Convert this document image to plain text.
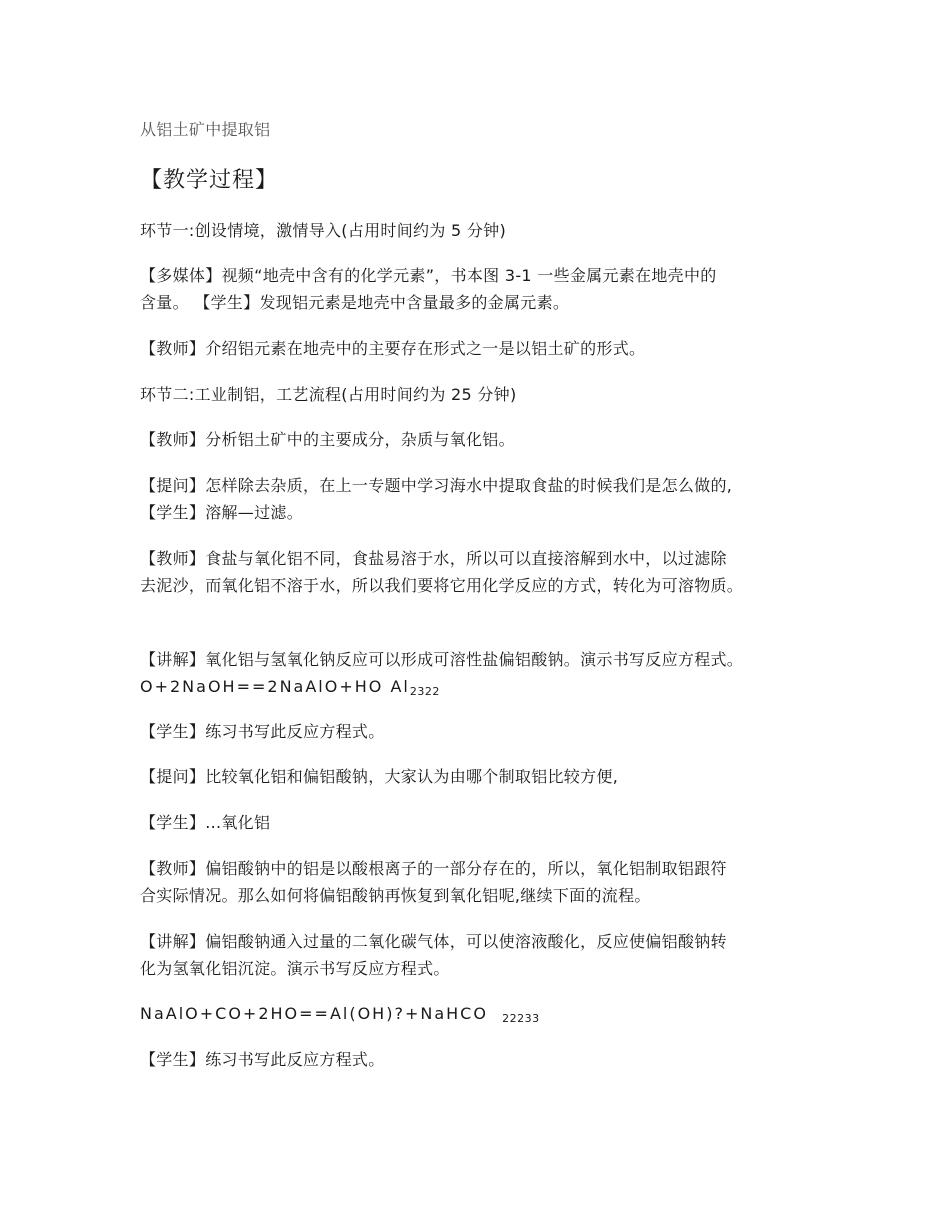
从铝土矿中提取铝
【教学过程】
环节一:创设情境，激情导入(占用时间约为 5 分钟)
【多媒体】视频“地壳中含有的化学元素”，书本图 3-1 一些金属元素在地壳中的
含量。 【学生】发现铝元素是地壳中含量最多的金属元素。
【教师】介绍铝元素在地壳中的主要存在形式之一是以铝土矿的形式。
环节二:工业制铝，工艺流程(占用时间约为 25 分钟)
【教师】分析铝土矿中的主要成分，杂质与氧化铝。
【提问】怎样除去杂质，在上一专题中学习海水中提取食盐的时候我们是怎么做的,
【学生】溶解—过滤。
【教师】食盐与氧化铝不同，食盐易溶于水，所以可以直接溶解到水中，以过滤除
去泥沙，而氧化铝不溶于水，所以我们要将它用化学反应的方式，转化为可溶物质。
【讲解】氧化铝与氢氧化钠反应可以形成可溶性盐偏铝酸钠。演示书写反应方程式。
O+2NaOH==2NaAlO+HO Al2322
【学生】练习书写此反应方程式。
【提问】比较氧化铝和偏铝酸钠，大家认为由哪个制取铝比较方便,
【学生】...氧化铝
【教师】偏铝酸钠中的铝是以酸根离子的一部分存在的，所以，氧化铝制取铝跟符
合实际情况。那么如何将偏铝酸钠再恢复到氧化铝呢,继续下面的流程。
【讲解】偏铝酸钠通入过量的二氧化碳气体，可以使溶液酸化，反应使偏铝酸钠转
化为氢氧化铝沉淀。演示书写反应方程式。
NaAlO+CO+2HO==Al(OH)?+NaHCO 22233
【学生】练习书写此反应方程式。
